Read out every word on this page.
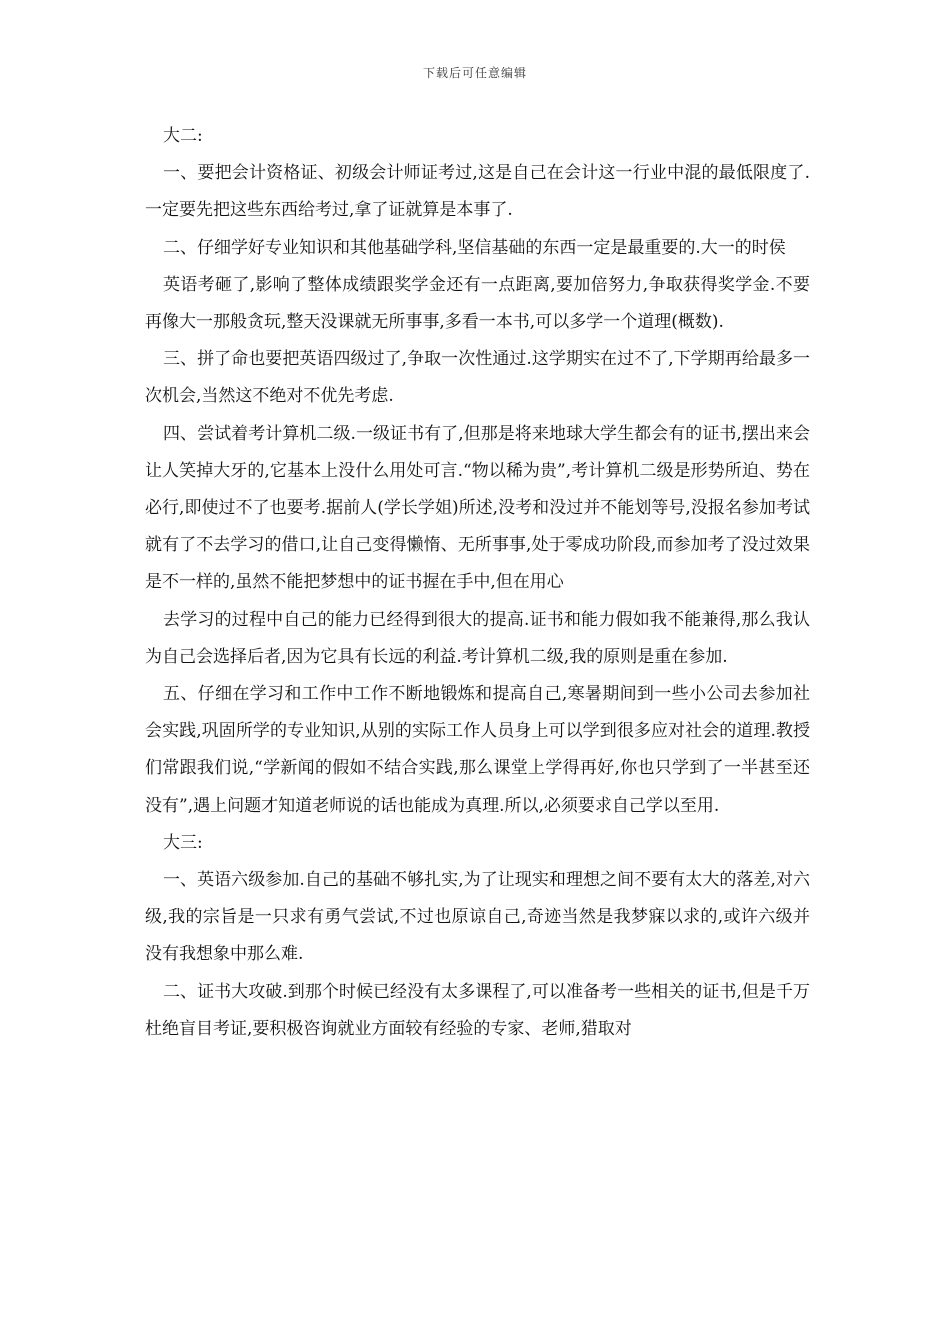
下载后可任意编辑

大二:

一、要把会计资格证、初级会计师证考过,这是自己在会计这一行业中混的最低限度了.一定要先把这些东西给考过,拿了证就算是本事了.

二、仔细学好专业知识和其他基础学科,坚信基础的东西一定是最重要的.大一的时侯

英语考砸了,影响了整体成绩跟奖学金还有一点距离,要加倍努力,争取获得奖学金.不要再像大一那般贪玩,整天没课就无所事事,多看一本书,可以多学一个道理(概数).

三、拼了命也要把英语四级过了,争取一次性通过.这学期实在过不了,下学期再给最多一次机会,当然这不绝对不优先考虑.

四、尝试着考计算机二级.一级证书有了,但那是将来地球大学生都会有的证书,摆出来会让人笑掉大牙的,它基本上没什么用处可言.“物以稀为贵”,考计算机二级是形势所迫、势在必行,即使过不了也要考.据前人(学长学姐)所述,没考和没过并不能划等号,没报名参加考试就有了不去学习的借口,让自己变得懒惰、无所事事,处于零成功阶段,而参加考了没过效果是不一样的,虽然不能把梦想中的证书握在手中,但在用心

去学习的过程中自己的能力已经得到很大的提高.证书和能力假如我不能兼得,那么我认为自己会选择后者,因为它具有长远的利益.考计算机二级,我的原则是重在参加.

五、仔细在学习和工作中工作不断地锻炼和提高自己,寒暑期间到一些小公司去参加社会实践,巩固所学的专业知识,从别的实际工作人员身上可以学到很多应对社会的道理.教授们常跟我们说,“学新闻的假如不结合实践,那么课堂上学得再好,你也只学到了一半甚至还没有”,遇上问题才知道老师说的话也能成为真理.所以,必须要求自己学以至用.

大三:

一、英语六级参加.自己的基础不够扎实,为了让现实和理想之间不要有太大的落差,对六级,我的宗旨是一只求有勇气尝试,不过也原谅自己,奇迹当然是我梦寐以求的,或许六级并没有我想象中那么难.

二、证书大攻破.到那个时候已经没有太多课程了,可以准备考一些相关的证书,但是千万杜绝盲目考证,要积极咨询就业方面较有经验的专家、老师,猎取对
